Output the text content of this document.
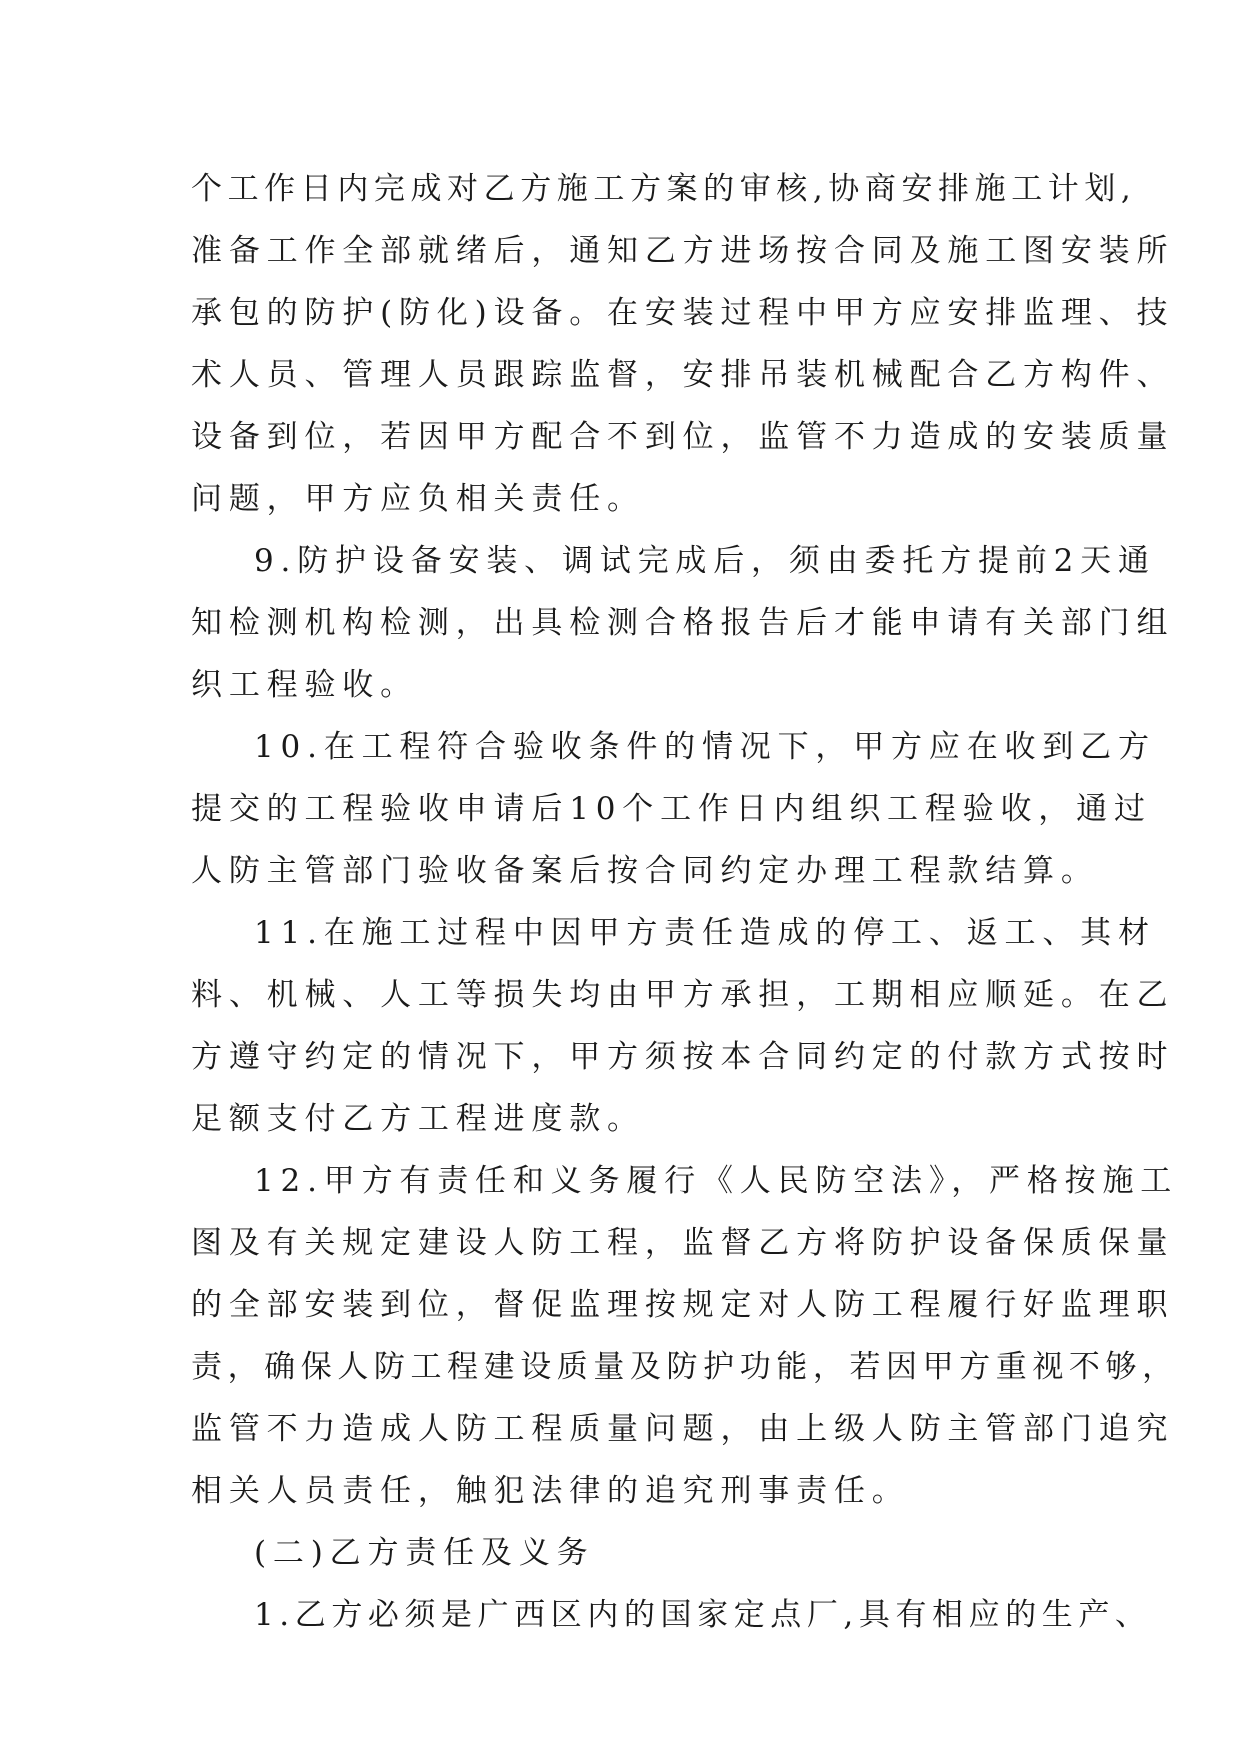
个工作日内完成对乙方施工方案的审核,协商安排施工计划,
准备工作全部就绪后，通知乙方进场按合同及施工图安装所
承包的防护(防化)设备。在安装过程中甲方应安排监理、技
术人员、管理人员跟踪监督，安排吊装机械配合乙方构件、
设备到位，若因甲方配合不到位，监管不力造成的安装质量
问题，甲方应负相关责任。
9.防护设备安装、调试完成后，须由委托方提前2天通
知检测机构检测，出具检测合格报告后才能申请有关部门组
织工程验收。
10.在工程符合验收条件的情况下，甲方应在收到乙方
提交的工程验收申请后10个工作日内组织工程验收，通过
人防主管部门验收备案后按合同约定办理工程款结算。
11.在施工过程中因甲方责任造成的停工、返工、其材
料、机械、人工等损失均由甲方承担，工期相应顺延。在乙
方遵守约定的情况下，甲方须按本合同约定的付款方式按时
足额支付乙方工程进度款。
12.甲方有责任和义务履行《人民防空法》，严格按施工
图及有关规定建设人防工程，监督乙方将防护设备保质保量
的全部安装到位，督促监理按规定对人防工程履行好监理职
责，确保人防工程建设质量及防护功能，若因甲方重视不够，
监管不力造成人防工程质量问题，由上级人防主管部门追究
相关人员责任，触犯法律的追究刑事责任。
(二)乙方责任及义务
1.乙方必须是广西区内的国家定点厂,具有相应的生产、
